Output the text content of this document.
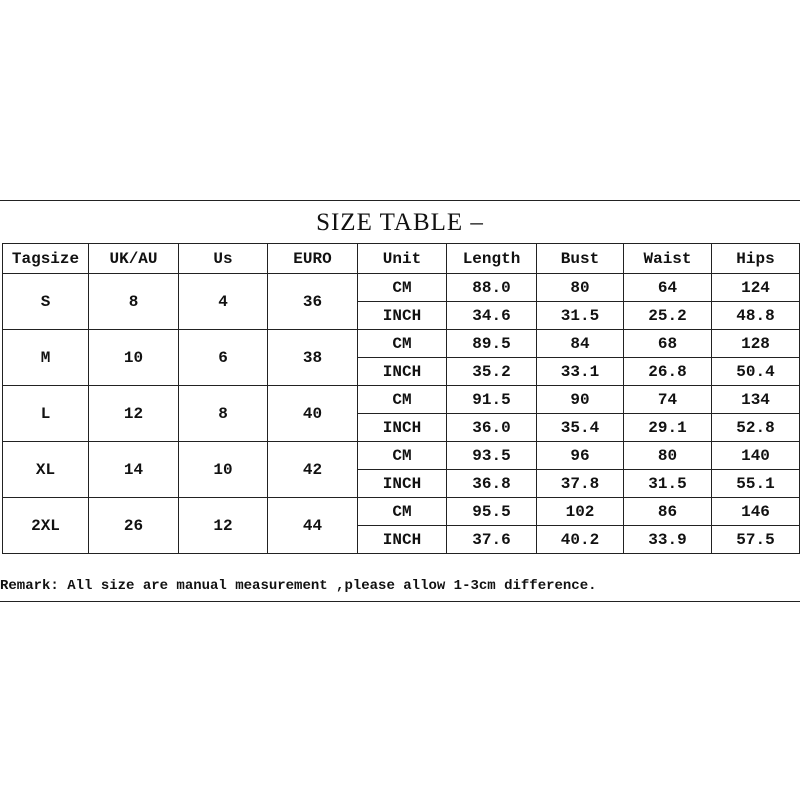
SIZE TABLE –
Tagsize	UK/AU	Us	EURO	Unit	Length	Bust	Waist	Hips
S	8	4	36	CM	88.0	80	64	124
				INCH	34.6	31.5	25.2	48.8
M	10	6	38	CM	89.5	84	68	128
				INCH	35.2	33.1	26.8	50.4
L	12	8	40	CM	91.5	90	74	134
				INCH	36.0	35.4	29.1	52.8
XL	14	10	42	CM	93.5	96	80	140
				INCH	36.8	37.8	31.5	55.1
2XL	26	12	44	CM	95.5	102	86	146
				INCH	37.6	40.2	33.9	57.5
Remark: All size are manual measurement ,please allow 1-3cm difference.
